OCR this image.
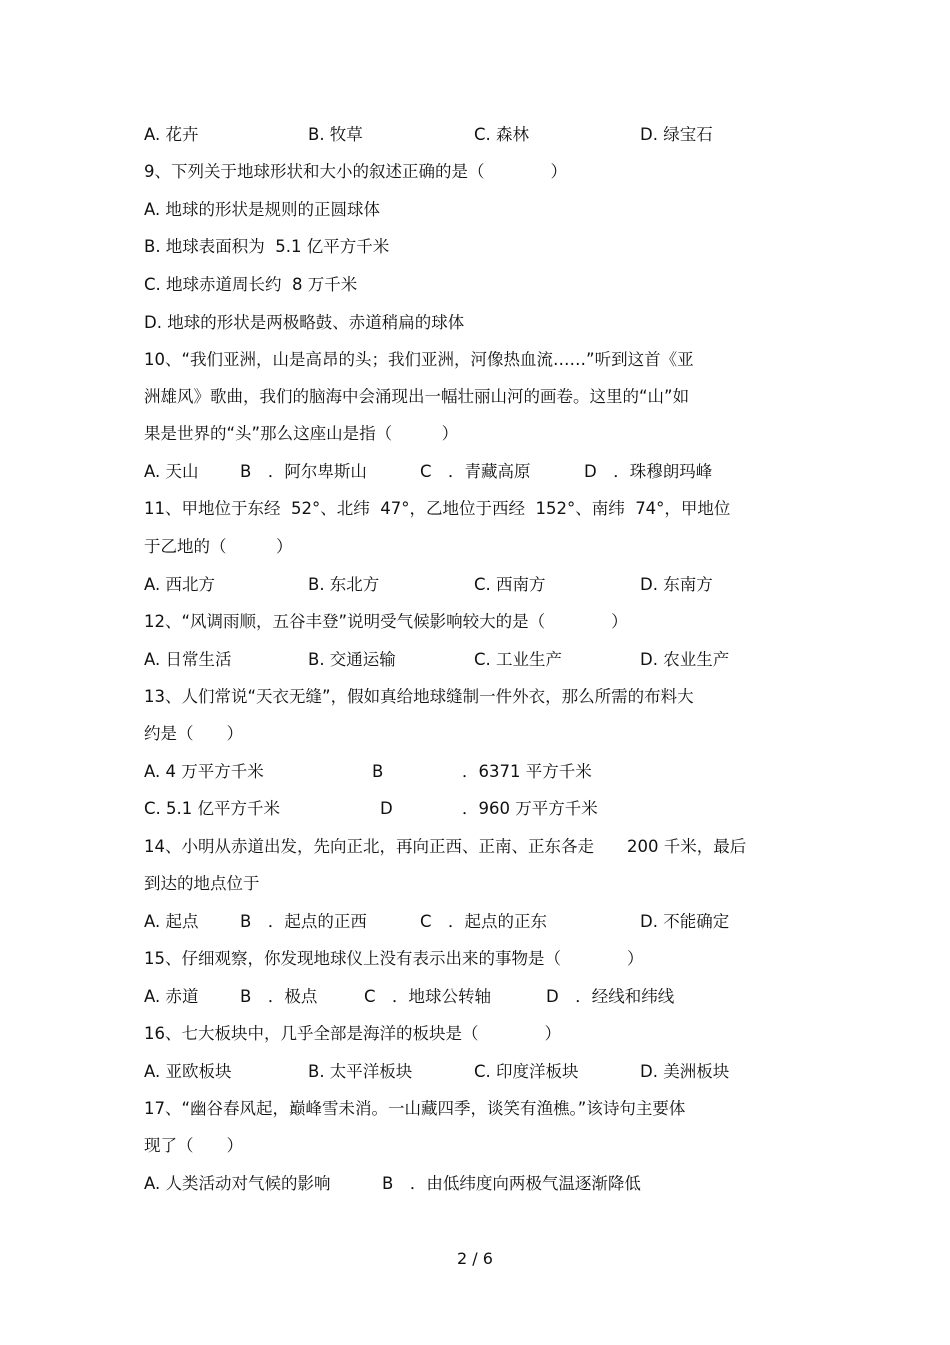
A. 花卉	B. 牧草	C. 森林	D. 绿宝石
9、下列关于地球形状和大小的叙述正确的是（　　　　）
A. 地球的形状是规则的正圆球体
B. 地球表面积为  5.1 亿平方千米
C. 地球赤道周长约  8 万千米
D. 地球的形状是两极略鼓、赤道稍扁的球体
10、“我们亚洲，山是高昂的头；我们亚洲，河像热血流……”听到这首《亚
洲雄风》歌曲，我们的脑海中会涌现出一幅壮丽山河的画卷。这里的“山”如
果是世界的“头”那么这座山是指（　　　）
A. 天山	B　．阿尔卑斯山	C　．青藏高原	D　．珠穆朗玛峰
11、甲地位于东经  52°、北纬  47°，乙地位于西经  152°、南纬  74°，甲地位
于乙地的（　　　）
A. 西北方	B. 东北方	C. 西南方	D. 东南方
12、“风调雨顺，五谷丰登”说明受气候影响较大的是（　　　　）
A. 日常生活	B. 交通运输	C. 工业生产	D. 农业生产
13、人们常说“天衣无缝”，假如真给地球缝制一件外衣，那么所需的布料大
约是（　　）
A. 4 万平方千米	B	．6371 平方千米
C. 5.1 亿平方千米	D	．960 万平方千米
14、小明从赤道出发，先向正北，再向正西、正南、正东各走　　200 千米，最后
到达的地点位于
A. 起点	B　．起点的正西	C　．起点的正东	D. 不能确定
15、仔细观察，你发现地球仪上没有表示出来的事物是（　　　　）
A. 赤道	B　．极点	C　．地球公转轴	D　．经线和纬线
16、七大板块中，几乎全部是海洋的板块是（　　　　）
A. 亚欧板块	B. 太平洋板块	C. 印度洋板块	D. 美洲板块
17、“幽谷春风起，巅峰雪未消。一山藏四季，谈笑有渔樵。”该诗句主要体
现了（　　）
A. 人类活动对气候的影响	B　．由低纬度向两极气温逐渐降低
2 / 6
